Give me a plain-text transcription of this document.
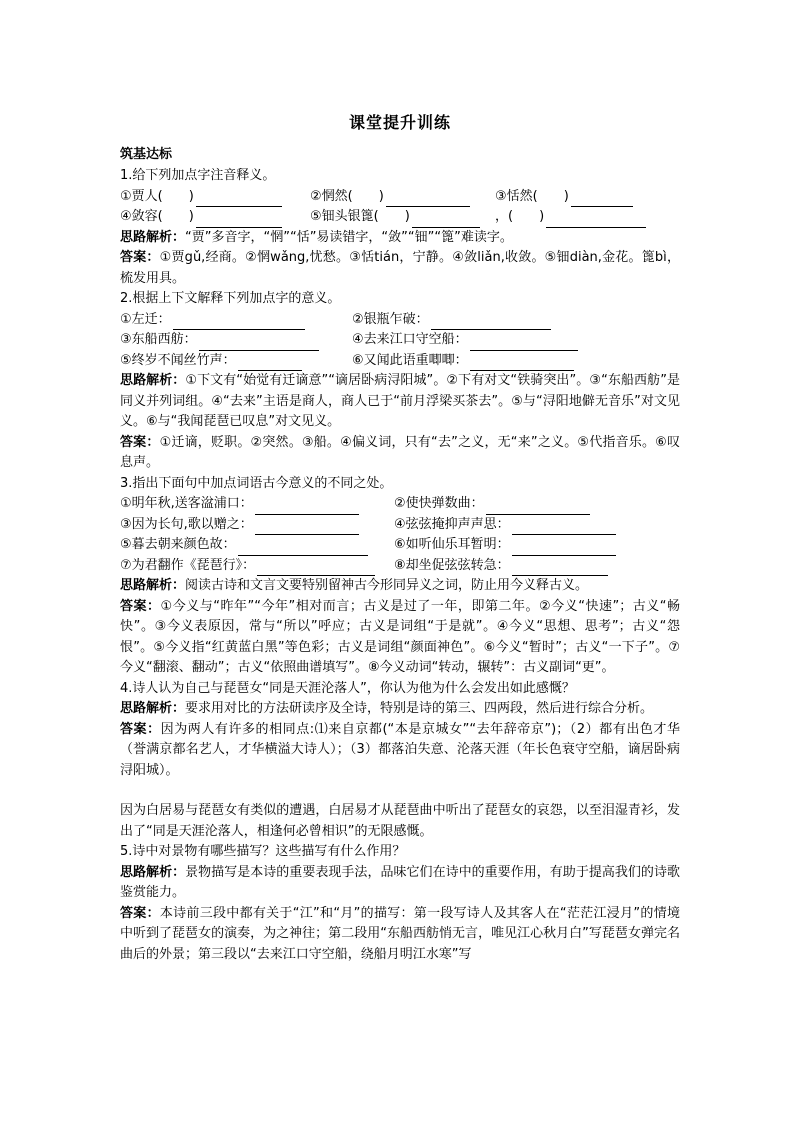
课堂提升训练
筑基达标
1.给下列加点字注音释义。
①贾人( )	②惘然( )	③恬然( )
④敛容( )	⑤钿头银篦( )	，( )
思路解析：“贾”多音字，“惘”“恬”易读错字，“敛”“钿”“篦”难读字。
答案：①贾gǔ,经商。②惘wǎng,忧愁。③恬tián，宁静。④敛liǎn,收敛。⑤钿diàn,金花。篦bì，梳发用具。
2.根据上下文解释下列加点字的意义。
①左迁：	②银瓶乍破：
③东船西舫：	④去来江口守空船：
⑤终岁不闻丝竹声：	⑥又闻此语重唧唧：
思路解析：①下文有“始觉有迁谪意”“谪居卧病浔阳城”。②下有对文“铁骑突出”。③“东船西舫”是同义并列词组。④“去来”主语是商人，商人已于“前月浮梁买茶去”。⑤与“浔阳地僻无音乐”对文见义。⑥与“我闻琵琶已叹息”对文见义。
答案：①迁谪，贬职。②突然。③船。④偏义词，只有“去”之义，无“来”之义。⑤代指音乐。⑥叹息声。
3.指出下面句中加点词语古今意义的不同之处。
①明年秋,送客湓浦口：	②使快弹数曲：
③因为长句,歌以赠之：	④弦弦掩抑声声思：
⑤暮去朝来颜色故：	⑥如听仙乐耳暂明：
⑦为君翻作《琵琶行》：	⑧却坐促弦弦转急：
思路解析：阅读古诗和文言文要特别留神古今形同异义之词，防止用今义释古义。
答案：①今义与“昨年”“今年”相对而言；古义是过了一年，即第二年。②今义“快速”；古义“畅快”。③今义表原因，常与“所以”呼应；古义是词组“于是就”。④今义“思想、思考”；古义“怨恨”。⑤今义指“红黄蓝白黑”等色彩；古义是词组“颜面神色”。⑥今义“暂时”；古义“一下子”。⑦今义“翻滚、翻动”；古义“依照曲谱填写”。⑧今义动词“转动，辗转”：古义副词“更”。
4.诗人认为自己与琵琶女“同是天涯沦落人”，你认为他为什么会发出如此感慨？
思路解析：要求用对比的方法研读序及全诗，特别是诗的第三、四两段，然后进行综合分析。
答案：因为两人有许多的相同点:⑴来自京都(“本是京城女”“去年辞帝京”)；（2）都有出色才华（誉满京都名艺人，才华横溢大诗人）；（3）都落泊失意、沦落天涯（年长色衰守空船，谪居卧病浔阳城）。
因为白居易与琵琶女有类似的遭遇，白居易才从琵琶曲中听出了琵琶女的哀怨，以至泪湿青衫，发出了“同是天涯沦落人，相逢何必曾相识”的无限感慨。
5.诗中对景物有哪些描写？这些描写有什么作用？
思路解析：景物描写是本诗的重要表现手法，品味它们在诗中的重要作用，有助于提高我们的诗歌鉴赏能力。
答案：本诗前三段中都有关于“江”和“月”的描写：第一段写诗人及其客人在“茫茫江浸月”的情境中听到了琵琶女的演奏，为之神往；第二段用“东船西舫悄无言，唯见江心秋月白”写琵琶女弹完名曲后的外景；第三段以“去来江口守空船，绕船月明江水寒”写
